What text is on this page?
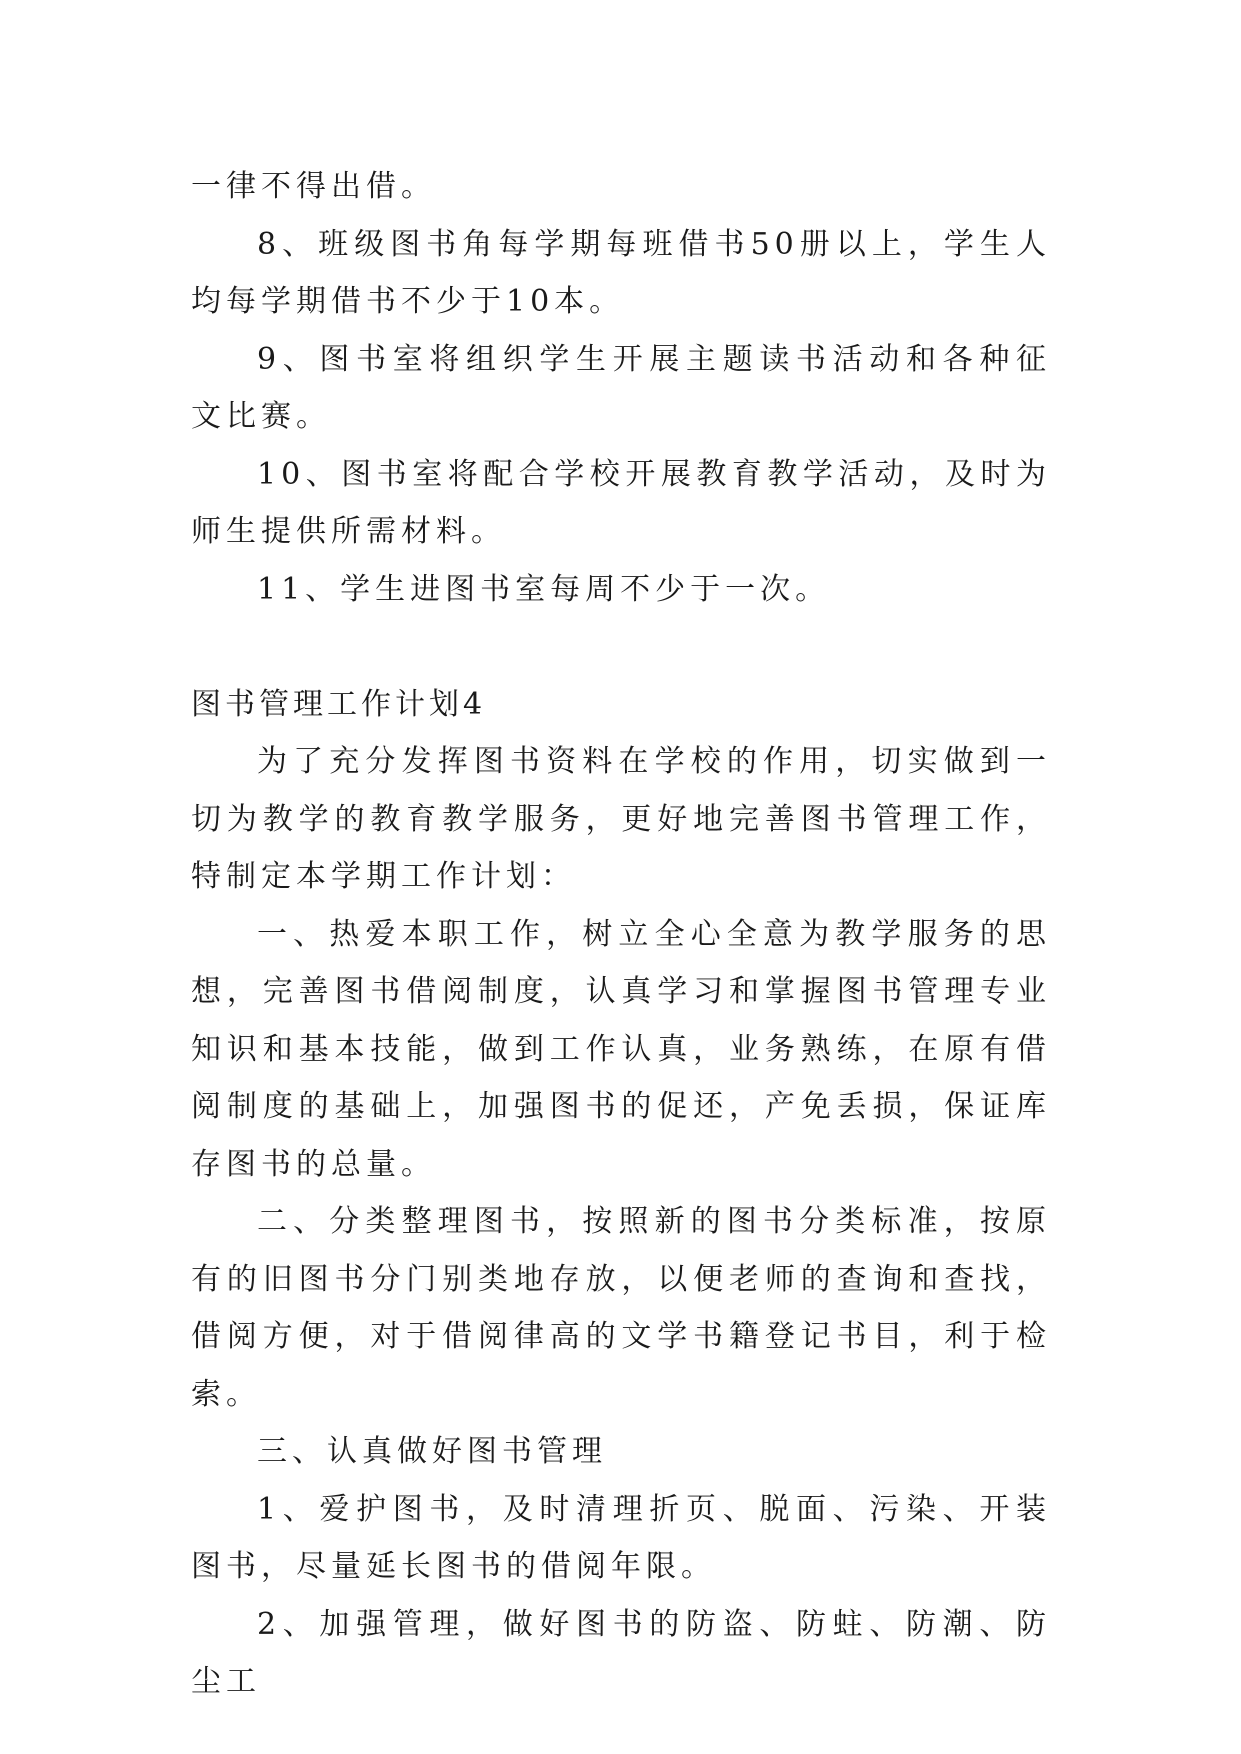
一律不得出借。

8、班级图书角每学期每班借书50册以上，学生人均每学期借书不少于10本。

9、图书室将组织学生开展主题读书活动和各种征文比赛。

10、图书室将配合学校开展教育教学活动，及时为师生提供所需材料。

11、学生进图书室每周不少于一次。

图书管理工作计划4

为了充分发挥图书资料在学校的作用，切实做到一切为教学的教育教学服务，更好地完善图书管理工作，特制定本学期工作计划：

一、热爱本职工作，树立全心全意为教学服务的思想，完善图书借阅制度，认真学习和掌握图书管理专业知识和基本技能，做到工作认真，业务熟练，在原有借阅制度的基础上，加强图书的促还，产免丢损，保证库存图书的总量。

二、分类整理图书，按照新的图书分类标准，按原有的旧图书分门别类地存放，以便老师的查询和查找，借阅方便，对于借阅律高的文学书籍登记书目，利于检索。

三、认真做好图书管理

1、爱护图书，及时清理折页、脱面、污染、开装图书，尽量延长图书的借阅年限。

2、加强管理，做好图书的防盗、防蛀、防潮、防尘工
